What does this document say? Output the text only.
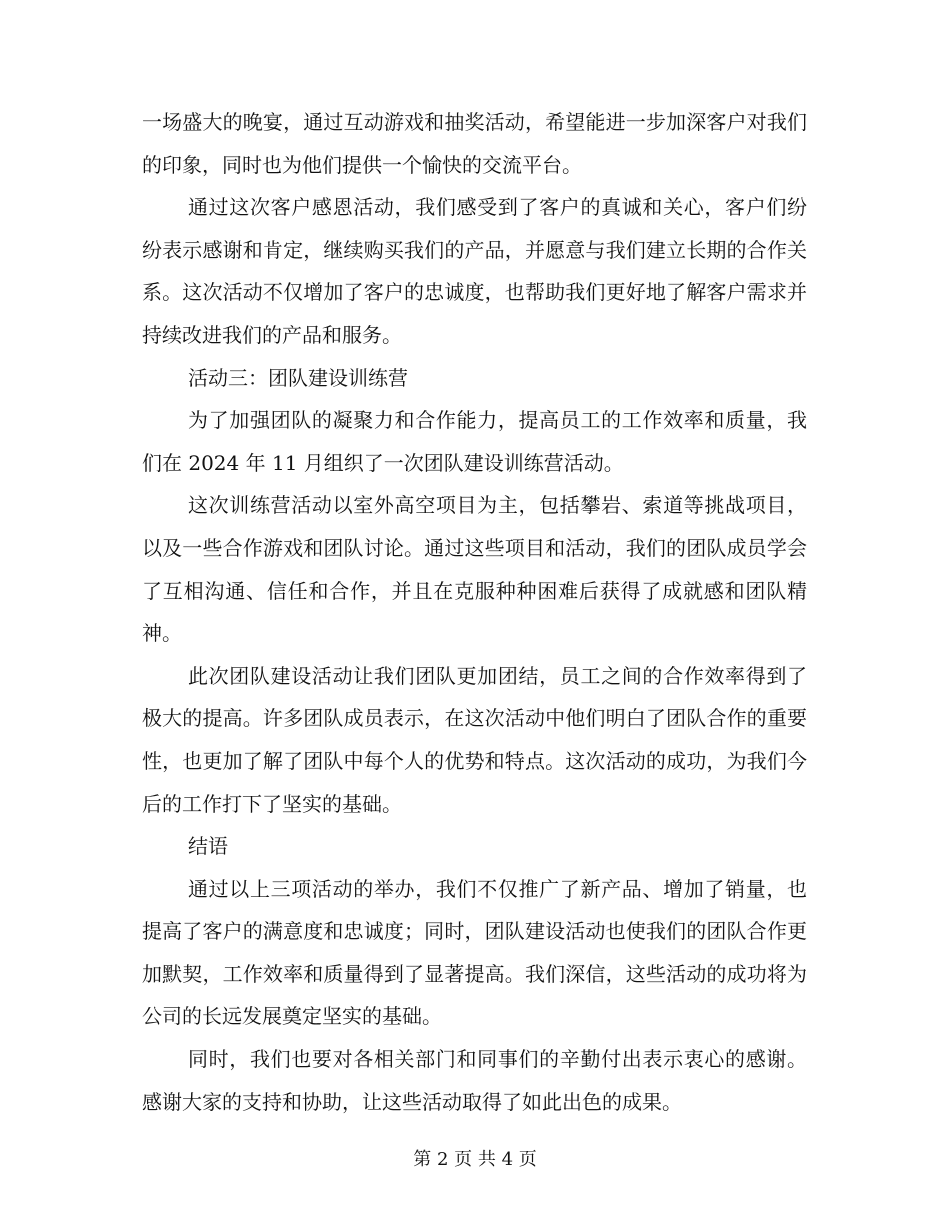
一场盛大的晚宴，通过互动游戏和抽奖活动，希望能进一步加深客户对我们的印象，同时也为他们提供一个愉快的交流平台。

通过这次客户感恩活动，我们感受到了客户的真诚和关心，客户们纷纷表示感谢和肯定，继续购买我们的产品，并愿意与我们建立长期的合作关系。这次活动不仅增加了客户的忠诚度，也帮助我们更好地了解客户需求并持续改进我们的产品和服务。

活动三：团队建设训练营

为了加强团队的凝聚力和合作能力，提高员工的工作效率和质量，我们在 2024 年 11 月组织了一次团队建设训练营活动。

这次训练营活动以室外高空项目为主，包括攀岩、索道等挑战项目，以及一些合作游戏和团队讨论。通过这些项目和活动，我们的团队成员学会了互相沟通、信任和合作，并且在克服种种困难后获得了成就感和团队精神。

此次团队建设活动让我们团队更加团结，员工之间的合作效率得到了极大的提高。许多团队成员表示，在这次活动中他们明白了团队合作的重要性，也更加了解了团队中每个人的优势和特点。这次活动的成功，为我们今后的工作打下了坚实的基础。

结语

通过以上三项活动的举办，我们不仅推广了新产品、增加了销量，也提高了客户的满意度和忠诚度；同时，团队建设活动也使我们的团队合作更加默契，工作效率和质量得到了显著提高。我们深信，这些活动的成功将为公司的长远发展奠定坚实的基础。

同时，我们也要对各相关部门和同事们的辛勤付出表示衷心的感谢。感谢大家的支持和协助，让这些活动取得了如此出色的成果。

第 2 页 共 4 页
